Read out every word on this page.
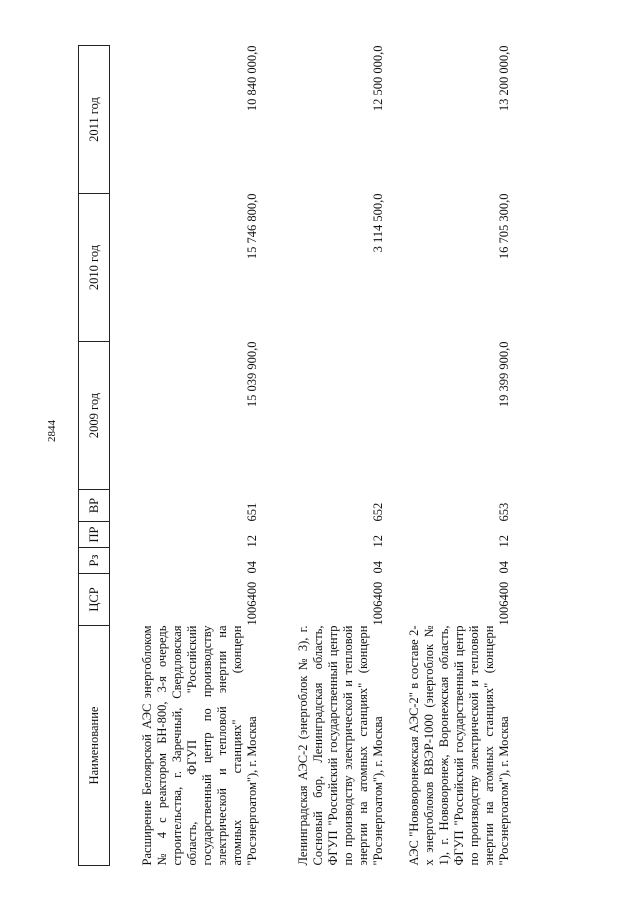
2844
Наименование	ЦСР	Рз	ПР	ВР	2009 год	2010 год	2011 год
Расширение Белоярской АЭС энергоблоком № 4 с реактором БН-800, 3-я очередь строительства, г. Заречный, Свердловская область, ФГУП "Российский государственный центр по производству электрической и тепловой энергии на атомных станциях" (концерн "Росэнергоатом"), г. Москва	1006400	04	12	651	15 039 900,0	15 746 800,0	10 840 000,0
Ленинградская АЭС-2 (энергоблок № 3), г. Сосновый бор, Ленинградская область, ФГУП "Российский государственный центр по производству электрической и тепловой энергии на атомных станциях" (концерн "Росэнергоатом"), г. Москва	1006400	04	12	652		3 114 500,0	12 500 000,0
АЭС "Нововоронежская АЭС-2" в составе 2-х энергоблоков ВВЭР-1000 (энергоблок № 1), г. Нововоронеж, Воронежская область, ФГУП "Российский государственный центр по производству электрической и тепловой энергии на атомных станциях" (концерн "Росэнергоатом"), г. Москва	1006400	04	12	653	19 399 900,0	16 705 300,0	13 200 000,0
